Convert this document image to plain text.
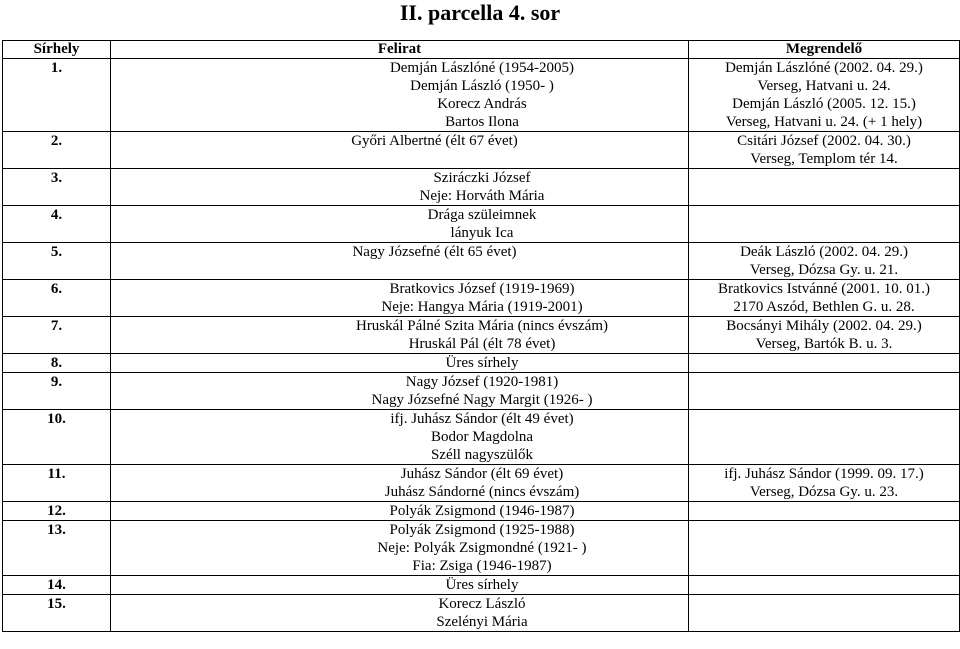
II. parcella 4. sor
Sírhely	Felirat	Megrendelő
1.	Demján Lászlóné (1954-2005)
Demján László (1950- )
Korecz András
Bartos Ilona	Demján Lászlóné (2002. 04. 29.)
Verseg, Hatvani u. 24.
Demján László (2005. 12. 15.)
Verseg, Hatvani u. 24. (+ 1 hely)

2.	Győri Albertné (élt 67 évet)	Csitári József (2002. 04. 30.)
Verseg, Templom tér 14.

3.	Sziráczki József
Neje: Horváth Mária	

4.	Drága szüleimnek
lányuk Ica	

5.	Nagy Józsefné (élt 65 évet)	Deák László (2002. 04. 29.)
Verseg, Dózsa Gy. u. 21.

6.	Bratkovics József (1919-1969)
Neje: Hangya Mária (1919-2001)	Bratkovics Istvánné (2001. 10. 01.)
2170 Aszód, Bethlen G. u. 28.

7.	Hruskál Pálné Szita Mária (nincs évszám)
Hruskál Pál (élt 78 évet)	Bocsányi Mihály (2002. 04. 29.)
Verseg, Bartók B. u. 3.

8.	Üres sírhely	

9.	Nagy József (1920-1981)
Nagy Józsefné Nagy Margit (1926- )	

10.	ifj. Juhász Sándor (élt 49 évet)
Bodor Magdolna
Széll nagyszülők	

11.	Juhász Sándor (élt 69 évet)
Juhász Sándorné (nincs évszám)	ifj. Juhász Sándor (1999. 09. 17.)
Verseg, Dózsa Gy. u. 23.

12.	Polyák Zsigmond (1946-1987)	

13.	Polyák Zsigmond (1925-1988)
Neje: Polyák Zsigmondné (1921- )
Fia: Zsiga (1946-1987)	

14.	Üres sírhely	

15.	Korecz László
Szelényi Mária	
